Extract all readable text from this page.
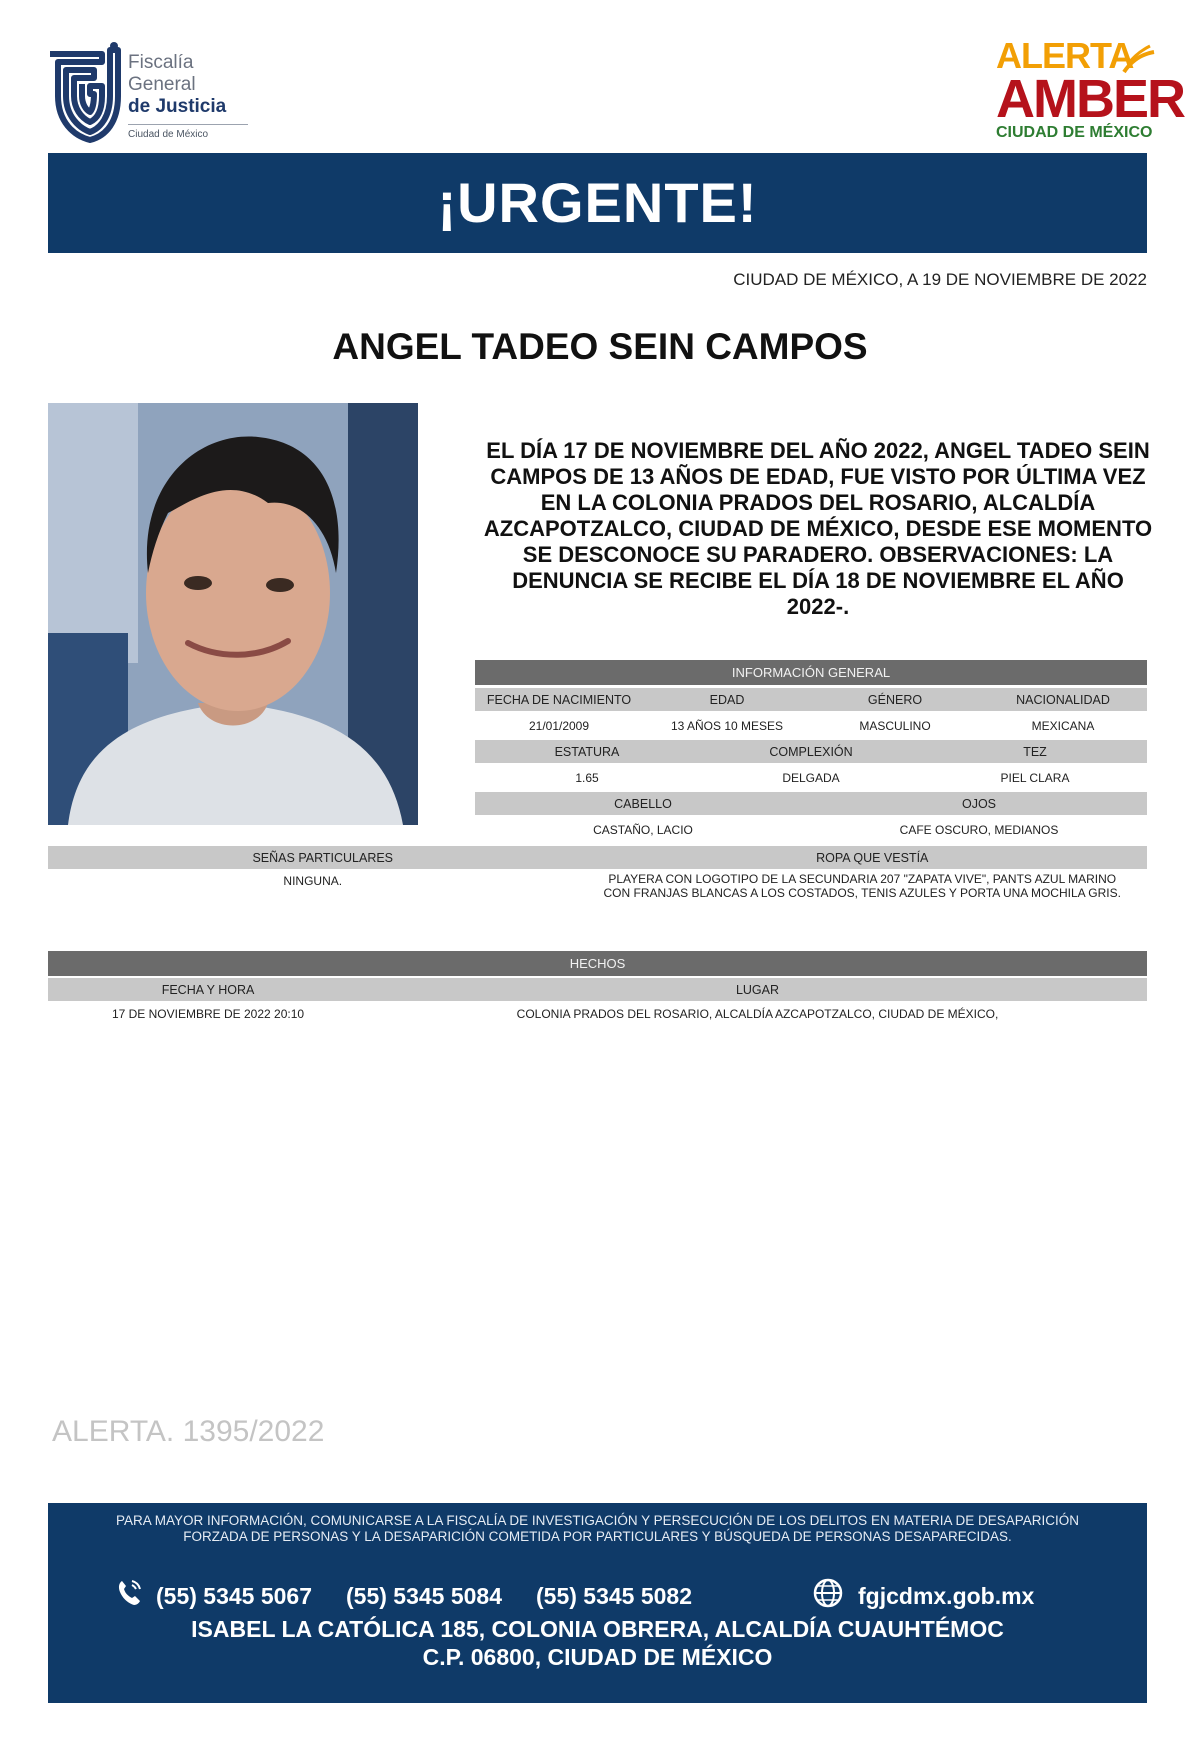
Fiscalía
General
de Justicia
Ciudad de México
ALERTA
AMBER
CIUDAD DE MÉXICO
¡URGENTE!
CIUDAD DE MÉXICO, A 19 DE NOVIEMBRE DE 2022
ANGEL TADEO SEIN CAMPOS
EL DÍA 17 DE NOVIEMBRE DEL AÑO 2022, ANGEL TADEO SEIN CAMPOS DE 13 AÑOS DE EDAD, FUE VISTO POR ÚLTIMA VEZ EN LA COLONIA PRADOS DEL ROSARIO, ALCALDÍA AZCAPOTZALCO, CIUDAD DE MÉXICO, DESDE ESE MOMENTO SE DESCONOCE SU PARADERO. OBSERVACIONES: LA DENUNCIA SE RECIBE EL DÍA 18 DE NOVIEMBRE EL AÑO 2022-.
INFORMACIÓN GENERAL
FECHA DE NACIMIENTO	EDAD	GÉNERO	NACIONALIDAD
21/01/2009	13 AÑOS 10 MESES	MASCULINO	MEXICANA
ESTATURA	COMPLEXIÓN	TEZ
1.65	DELGADA	PIEL CLARA
CABELLO	OJOS
CASTAÑO, LACIO	CAFE OSCURO, MEDIANOS
SEÑAS PARTICULARES	ROPA QUE VESTÍA
NINGUNA.	PLAYERA CON LOGOTIPO DE LA SECUNDARIA 207 "ZAPATA VIVE", PANTS AZUL MARINO CON FRANJAS BLANCAS A LOS COSTADOS, TENIS AZULES Y PORTA UNA MOCHILA GRIS.
HECHOS
FECHA Y HORA	LUGAR
17 DE NOVIEMBRE DE 2022 20:10	COLONIA PRADOS DEL ROSARIO, ALCALDÍA AZCAPOTZALCO, CIUDAD DE MÉXICO,
ALERTA. 1395/2022
PARA MAYOR INFORMACIÓN, COMUNICARSE A LA FISCALÍA DE INVESTIGACIÓN Y PERSECUCIÓN DE LOS DELITOS EN MATERIA DE DESAPARICIÓN
FORZADA DE PERSONAS Y LA DESAPARICIÓN COMETIDA POR PARTICULARES Y BÚSQUEDA DE PERSONAS DESAPARECIDAS.
(55) 5345 5067 (55) 5345 5084 (55) 5345 5082	fgjcdmx.gob.mx
ISABEL LA CATÓLICA 185, COLONIA OBRERA, ALCALDÍA CUAUHTÉMOC
C.P. 06800, CIUDAD DE MÉXICO
